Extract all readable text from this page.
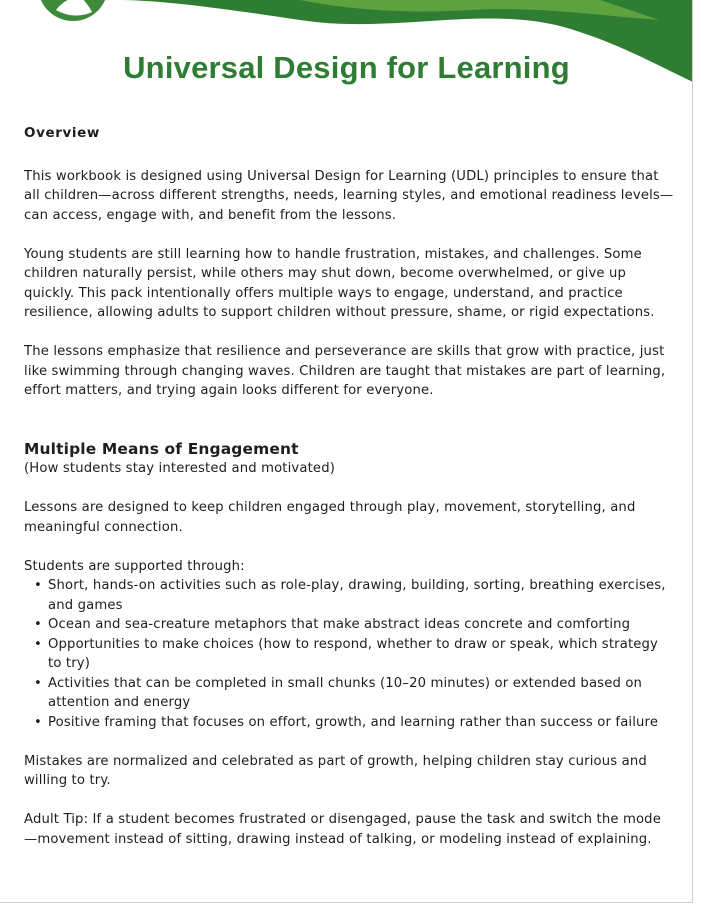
Universal Design for Learning
Overview

This workbook is designed using Universal Design for Learning (UDL) principles to ensure that all children—across different strengths, needs, learning styles, and emotional readiness levels—can access, engage with, and benefit from the lessons.

Young students are still learning how to handle frustration, mistakes, and challenges. Some children naturally persist, while others may shut down, become overwhelmed, or give up quickly. This pack intentionally offers multiple ways to engage, understand, and practice resilience, allowing adults to support children without pressure, shame, or rigid expectations.

The lessons emphasize that resilience and perseverance are skills that grow with practice, just like swimming through changing waves. Children are taught that mistakes are part of learning, effort matters, and trying again looks different for everyone.

Multiple Means of Engagement

(How students stay interested and motivated)

Lessons are designed to keep children engaged through play, movement, storytelling, and meaningful connection.

Students are supported through:

• Short, hands-on activities such as role-play, drawing, building, sorting, breathing exercises, and games
• Ocean and sea-creature metaphors that make abstract ideas concrete and comforting
• Opportunities to make choices (how to respond, whether to draw or speak, which strategy to try)
• Activities that can be completed in small chunks (10–20 minutes) or extended based on attention and energy
• Positive framing that focuses on effort, growth, and learning rather than success or failure

Mistakes are normalized and celebrated as part of growth, helping children stay curious and willing to try.

Adult Tip: If a student becomes frustrated or disengaged, pause the task and switch the mode—movement instead of sitting, drawing instead of talking, or modeling instead of explaining.
